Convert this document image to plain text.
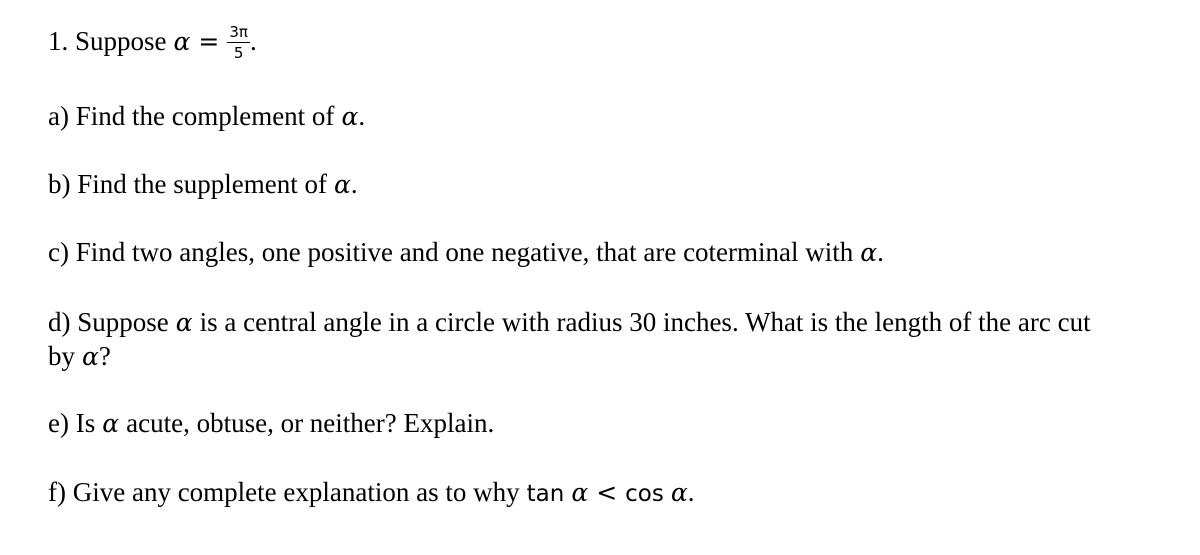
1. Suppose $\alpha = \frac{3\pi}{5}$ .
a) Find the complement of α.
b) Find the supplement of α.
c) Find two angles, one positive and one negative, that are coterminal with α.
d) Suppose α is a central angle in a circle with radius 30 inches. What is the length of the arc cut
by α?
e) Is α acute, obtuse, or neither? Explain.
f) Give any complete explanation as to why tan α < cos α.
